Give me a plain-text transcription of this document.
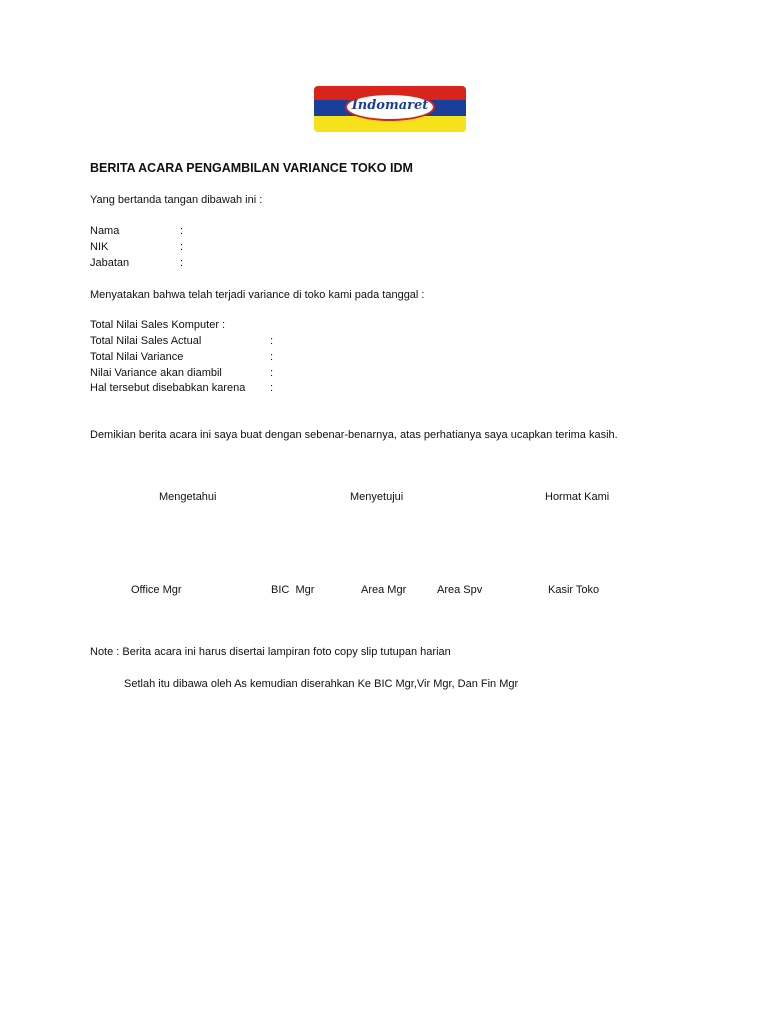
Indomaret
BERITA ACARA PENGAMBILAN VARIANCE TOKO IDM
Yang bertanda tangan dibawah ini :
Nama	:
NIK	:
Jabatan	:
Menyatakan bahwa telah terjadi variance di toko kami pada tanggal :
Total Nilai Sales Komputer :
Total Nilai Sales Actual	:
Total Nilai Variance	:
Nilai Variance akan diambil	:
Hal tersebut disebabkan karena :
Demikian berita acara ini saya buat dengan sebenar-benarnya, atas perhatianya saya ucapkan terima kasih.
Mengetahui	Menyetujui	Hormat Kami
Office Mgr	BIC  Mgr	Area Mgr	Area Spv	Kasir Toko
Note : Berita acara ini harus disertai lampiran foto copy slip tutupan harian
Setlah itu dibawa oleh As kemudian diserahkan Ke BIC Mgr,Vir Mgr, Dan Fin Mgr
